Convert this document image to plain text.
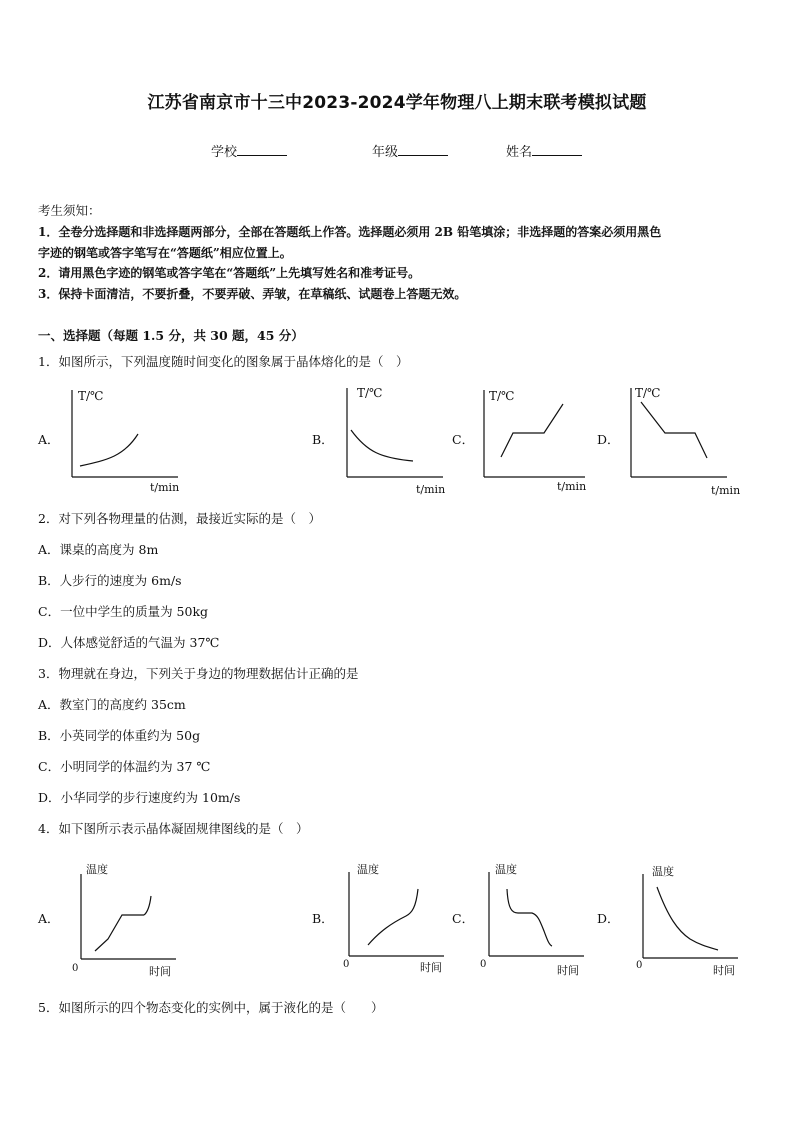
江苏省南京市十三中2023-2024学年物理八上期末联考模拟试题
学校	年级	姓名
考生须知：
1．全卷分选择题和非选择题两部分，全部在答题纸上作答。选择题必须用 2B 铅笔填涂；非选择题的答案必须用黑色
字迹的钢笔或答字笔写在“答题纸”相应位置上。
2．请用黑色字迹的钢笔或答字笔在“答题纸”上先填写姓名和准考证号。
3．保持卡面清洁，不要折叠，不要弄破、弄皱，在草稿纸、试题卷上答题无效。
一、选择题（每题 1.5 分，共 30 题，45 分）
1．如图所示，下列温度随时间变化的图象属于晶体熔化的是（　）
A．
T/℃
t/min
B．
T/℃
t/min
C．
T/℃
t/min
D．
T/℃
t/min
2．对下列各物理量的估测，最接近实际的是（　）
A．课桌的高度为 8m
B．人步行的速度为 6m/s
C．一位中学生的质量为 50kg
D．人体感觉舒适的气温为 37℃
3．物理就在身边，下列关于身边的物理数据估计正确的是
A．教室门的高度约 35cm
B．小英同学的体重约为 50g
C．小明同学的体温约为 37 ℃
D．小华同学的步行速度约为 10m/s
4．如下图所示表示晶体凝固规律图线的是（　）
A．
温度
0	时间
B．
温度
0	时间
C．
温度
0	时间
D．
温度
0	时间
5．如图所示的四个物态变化的实例中，属于液化的是（　　）
